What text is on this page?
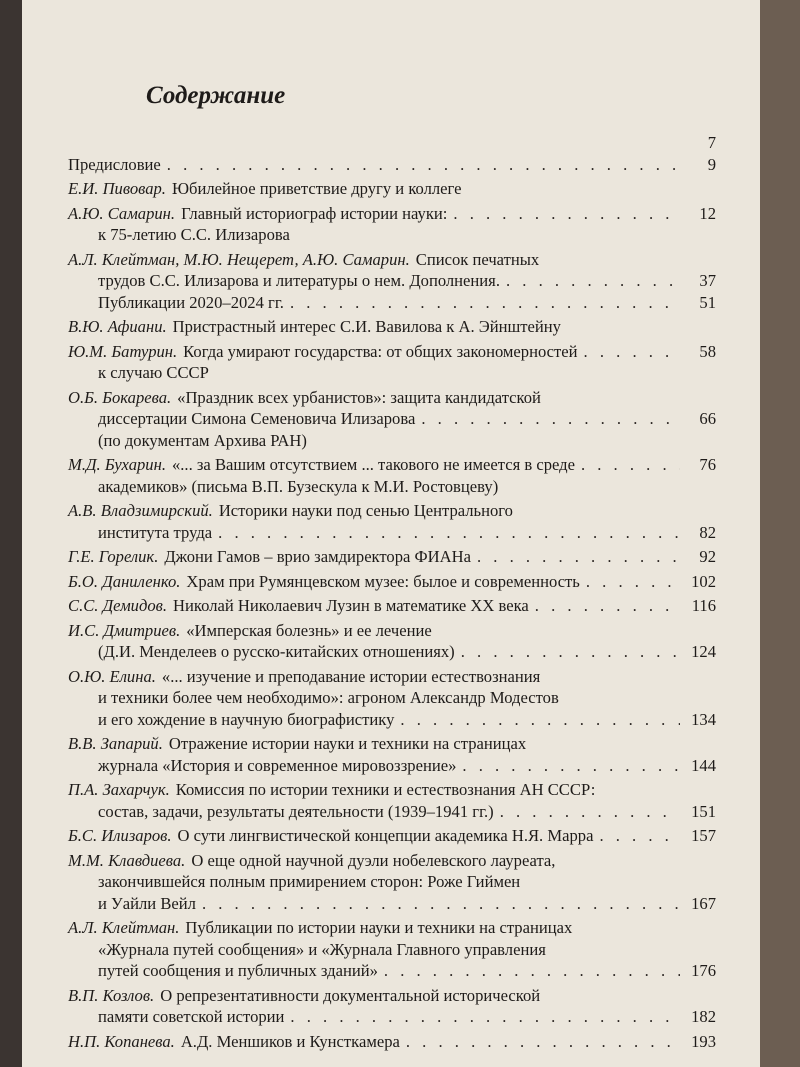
Содержание
7
Предисловие . . .	9
Е.И. Пивовар. Юбилейное приветствие другу и коллеге
А.Ю. Самарин. Главный историограф истории науки: . . .	12
к 75-летию С.С. Илизарова
А.Л. Клейтман, М.Ю. Нещерет, А.Ю. Самарин. Список печатных
трудов С.С. Илизарова и литературы о нем. Дополнения. . . .	37
Публикации 2020–2024 гг. . . .	51
В.Ю. Афиани. Пристрастный интерес С.И. Вавилова к А. Эйнштейну
Ю.М. Батурин. Когда умирают государства: от общих закономерностей . . .	58
к случаю СССР
О.Б. Бокарева. «Праздник всех урбанистов»: защита кандидатской
диссертации Симона Семеновича Илизарова . . .	66
(по документам Архива РАН)
М.Д. Бухарин. «... за Вашим отсутствием ... такового не имеется в среде . . .	76
академиков» (письма В.П. Бузескула к М.И. Ростовцеву)
А.В. Владзимирский. Историки науки под сенью Центрального
института труда . . .	82
Г.Е. Горелик. Джони Гамов – врио замдиректора ФИАНа . . .	92
Б.О. Даниленко. Храм при Румянцевском музее: былое и современность . . .	102
С.С. Демидов. Николай Николаевич Лузин в математике XX века . . .	116
И.С. Дмитриев. «Имперская болезнь» и ее лечение
(Д.И. Менделеев о русско-китайских отношениях) . . .	124
О.Ю. Елина. «... изучение и преподавание истории естествознания
и техники более чем необходимо»: агроном Александр Модестов
и его хождение в научную биографистику . . .	134
В.В. Запарий. Отражение истории науки и техники на страницах
журнала «История и современное мировоззрение» . . .	144
П.А. Захарчук. Комиссия по истории техники и естествознания АН СССР:
состав, задачи, результаты деятельности (1939–1941 гг.) . . .	151
Б.С. Илизаров. О сути лингвистической концепции академика Н.Я. Марра . . .	157
М.М. Клавдиева. О еще одной научной дуэли нобелевского лауреата,
закончившейся полным примирением сторон: Роже Гиймен
и Уайли Вейл . . .	167
А.Л. Клейтман. Публикации по истории науки и техники на страницах
«Журнала путей сообщения» и «Журнала Главного управления
путей сообщения и публичных зданий» . . .	176
В.П. Козлов. О репрезентативности документальной исторической
памяти советской истории . . .	182
Н.П. Копанева. А.Д. Меншиков и Кунсткамера . . .	193
